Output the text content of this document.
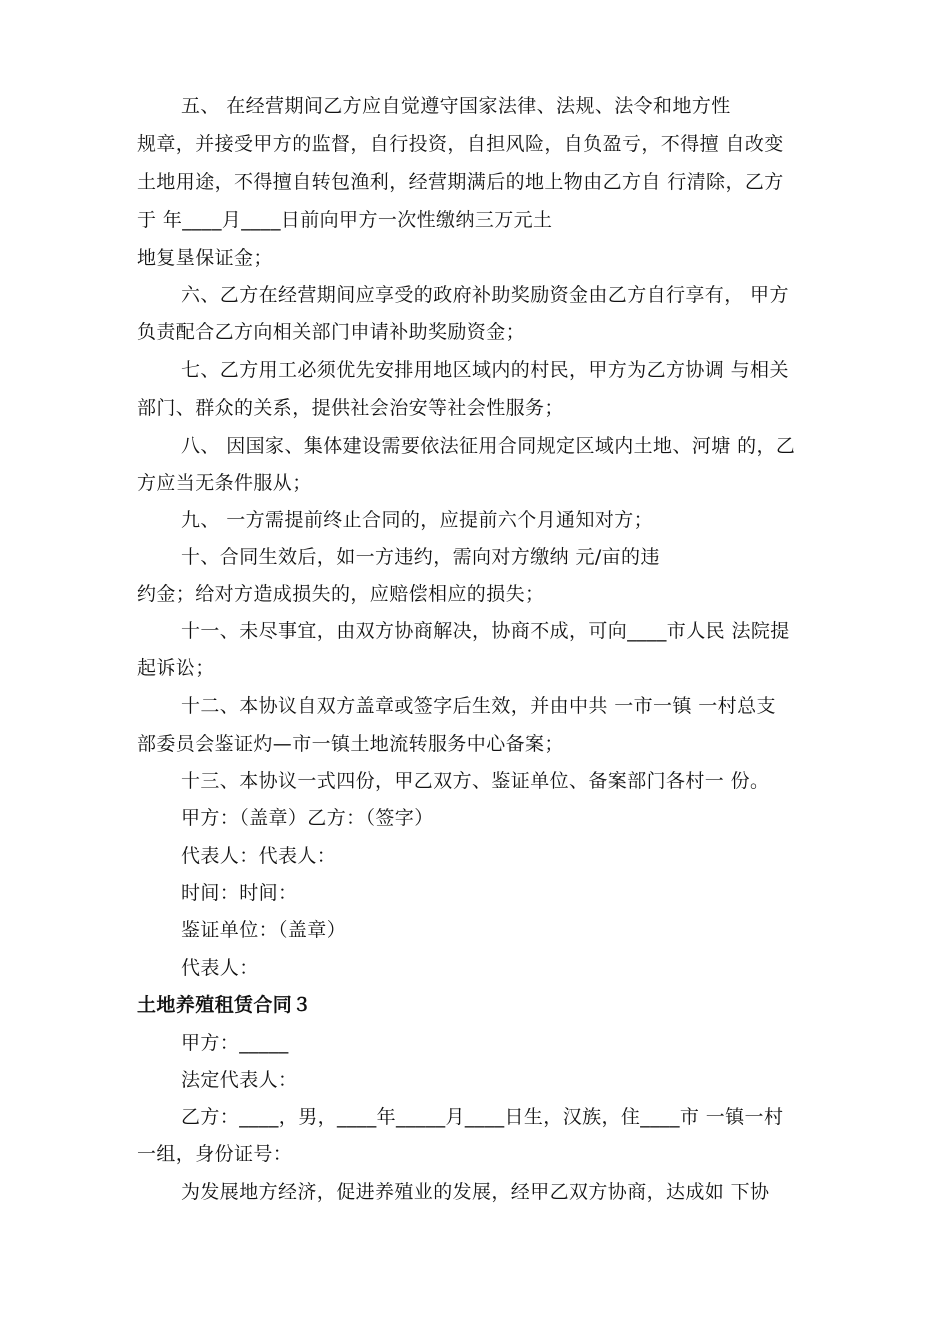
五、 在经营期间乙方应自觉遵守国家法律、法规、法令和地方性
规章，并接受甲方的监督，自行投资，自担风险，自负盈亏，不得擅 自改变
土地用途，不得擅自转包渔利，经营期满后的地上物由乙方自 行清除，乙方
于 年____月____日前向甲方一次性缴纳三万元土
地复垦保证金；
六、乙方在经营期间应享受的政府补助奖励资金由乙方自行享有， 甲方
负责配合乙方向相关部门申请补助奖励资金；
七、乙方用工必须优先安排用地区域内的村民，甲方为乙方协调 与相关
部门、群众的关系，提供社会治安等社会性服务；
八、 因国家、集体建设需要依法征用合同规定区域内土地、河塘 的，乙
方应当无条件服从；
九、 一方需提前终止合同的，应提前六个月通知对方；
十、合同生效后，如一方违约，需向对方缴纳 元/亩的违
约金；给对方造成损失的，应赔偿相应的损失；
十一、未尽事宜，由双方协商解决，协商不成，可向____市人民 法院提
起诉讼；
十二、本协议自双方盖章或签字后生效，并由中共 一市一镇 一村总支
部委员会鉴证灼—市一镇土地流转服务中心备案；
十三、本协议一式四份，甲乙双方、鉴证单位、备案部门各村一 份。
甲方：（盖章）乙方：（签字）
代表人：代表人：
时间：时间：
鉴证单位：（盖章）
代表人：
土地养殖租赁合同３
甲方：_____
法定代表人：
乙方：____，男，____年_____月____日生，汉族，住____市 一镇一村
一组，身份证号：
为发展地方经济，促进养殖业的发展，经甲乙双方协商，达成如 下协
